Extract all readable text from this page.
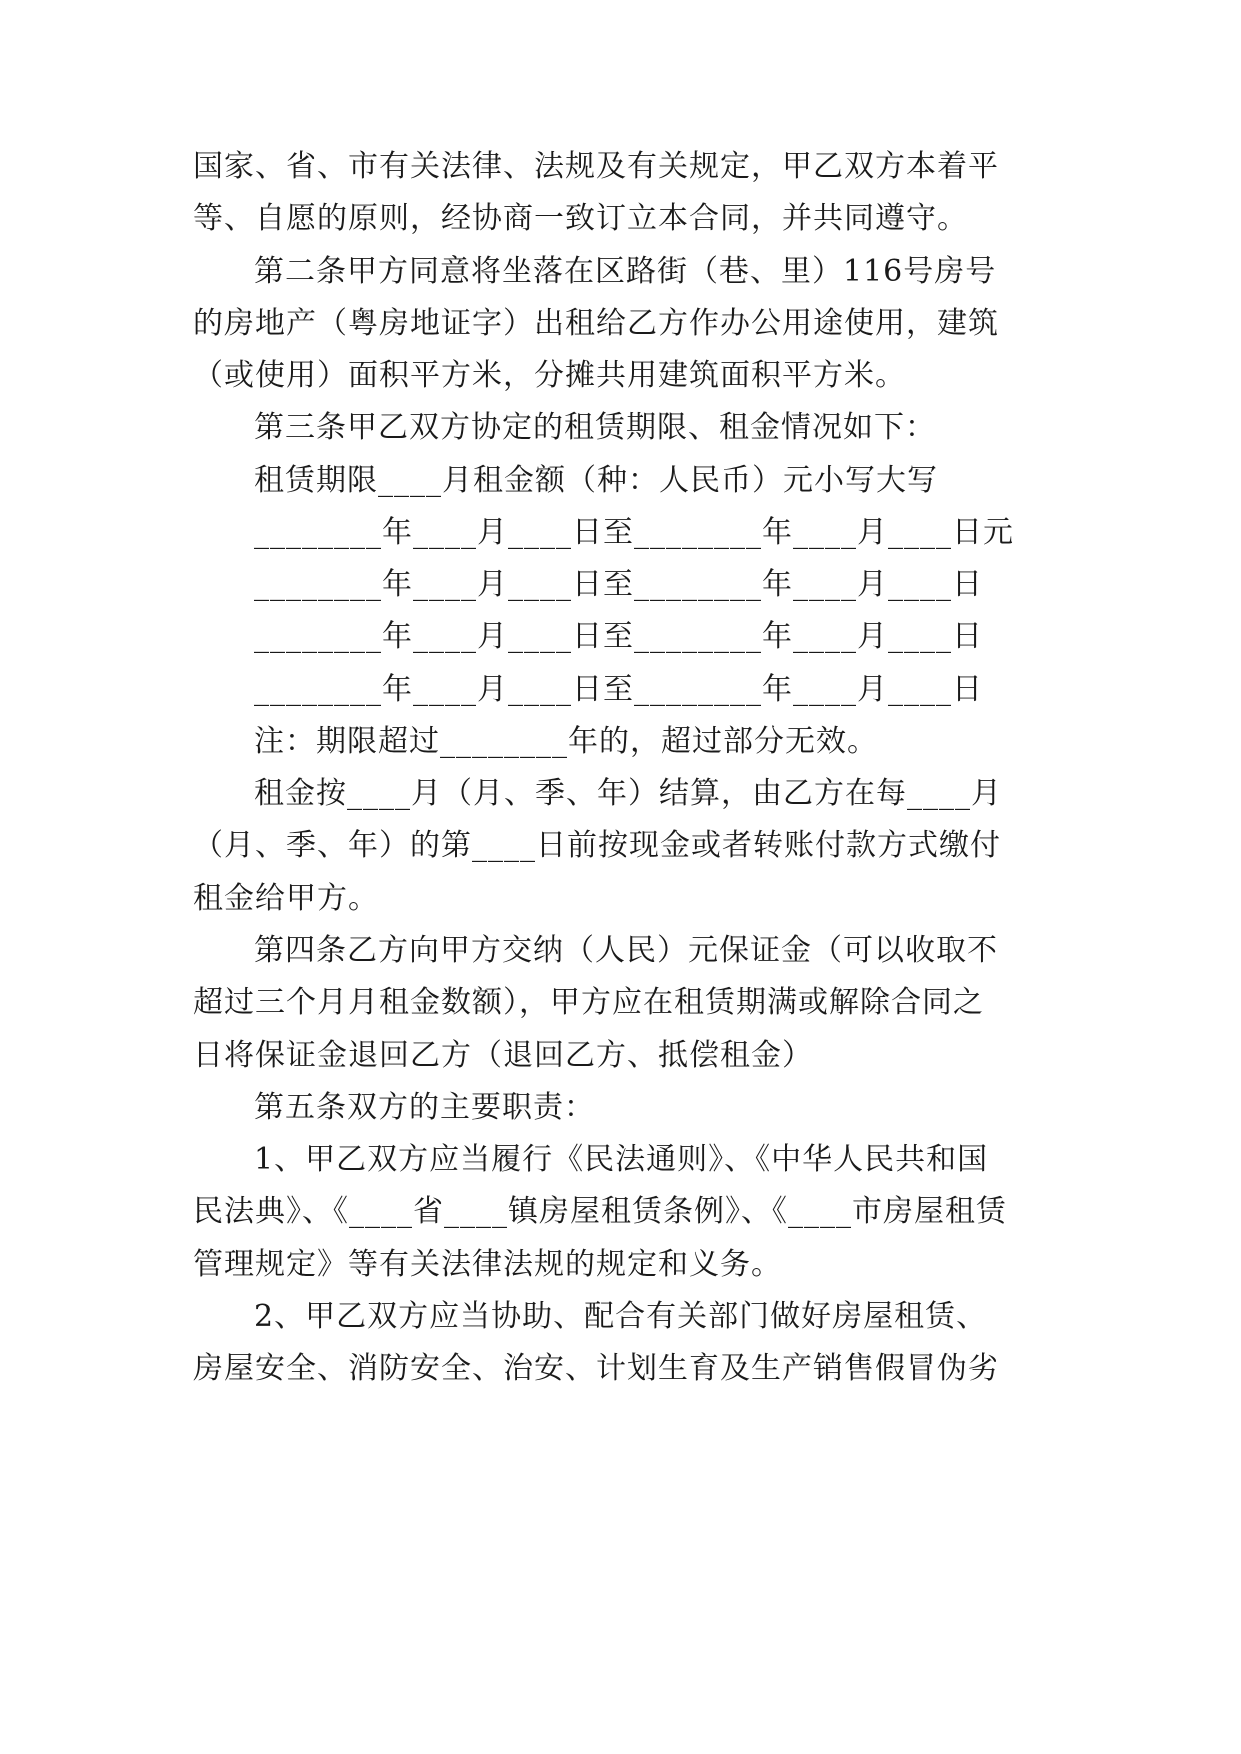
国家、省、市有关法律、法规及有关规定，甲乙双方本着平
等、自愿的原则，经协商一致订立本合同，并共同遵守。
第二条甲方同意将坐落在区路街（巷、里）116号房号
的房地产（粤房地证字）出租给乙方作办公用途使用，建筑
（或使用）面积平方米，分摊共用建筑面积平方米。
第三条甲乙双方协定的租赁期限、租金情况如下：
租赁期限____月租金额（种：人民币）元小写大写
________年____月____日至________年____月____日元
________年____月____日至________年____月____日
________年____月____日至________年____月____日
________年____月____日至________年____月____日
注：期限超过________年的，超过部分无效。
租金按____月（月、季、年）结算，由乙方在每____月
（月、季、年）的第____日前按现金或者转账付款方式缴付
租金给甲方。
第四条乙方向甲方交纳（人民）元保证金（可以收取不
超过三个月月租金数额），甲方应在租赁期满或解除合同之
日将保证金退回乙方（退回乙方、抵偿租金）
第五条双方的主要职责：
1、甲乙双方应当履行《民法通则》、《中华人民共和国
民法典》、《____省____镇房屋租赁条例》、《____市房屋租赁
管理规定》等有关法律法规的规定和义务。
2、甲乙双方应当协助、配合有关部门做好房屋租赁、
房屋安全、消防安全、治安、计划生育及生产销售假冒伪劣
